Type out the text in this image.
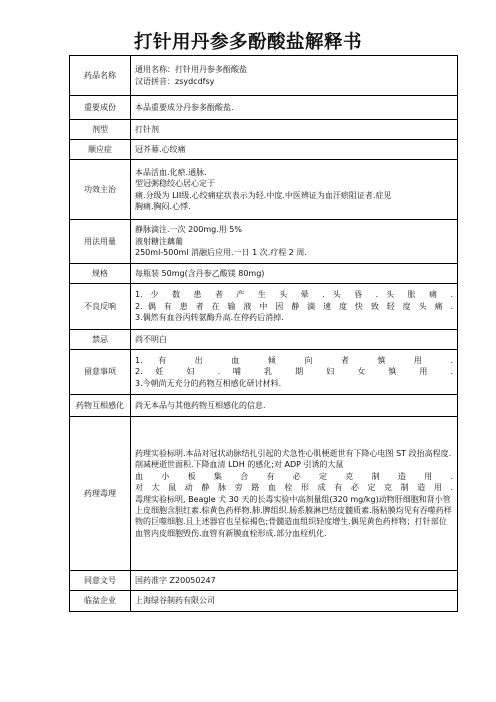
打针用丹参多酚酸盐解释书
药品名称	通用名称：打针用丹参多酚酸盐
汉语拼音：zsydcdfsy

重要成份	本品重要成分丹参多酚酸盐.

剂型	打针剂

顺应症	冠芥幕.心绞痛

功效主治	本品活血.化瘀.通脉.
型冠粥稳绞心居心定于
痛.分级为 LII级.心绞痛症状表示为轻.中度.中医辨证为血汗瘀阻证者.症见
胸痛.胸闷.心悸.

用法用量	静脉滴注.一次 200mg.用 5%
液射糖注藕葡
250ml-500ml 消融后应用.一日 1 次.疗程 2 周.

规格	每瓶装 50mg(含丹参乙酸镁 80mg)

不良反响	1. 少 数 患 者 产 生 头 晕 . 头 昏 . 头 胀 痛 .
2. 偶 有 患 者 在 输 液 中 因 静 滴 速 度 快 致 轻 度 头 痛 .
3.偶然有血谷丙转氨酶升高.在停药后消掉.

禁忌	尚不明白

留意事项	1. 有 出 血 倾 向 者 慎 用 .
2. 妊 妇 . 哺 乳 期 妇 女 慎 用 .
3.今朝尚无充分的药物互相感化研讨材料.

药物互相感化	尚无本品与其他药物互相感化的信息.

药理毒理	药理实验标明.本品对冠状动脉结扎引起的犬急性心肌梗逝世有下降心电图 ST 段抬高程度.削减梗逝世面积.下降血清 LDH 的感化;对 ADP 引诱的大鼠
血 小 板 集 合 有 必 定 克 制 造 用 .
对 大 鼠 动 静 脉 旁 路 血 栓 形 成 有 必 定 克 制 造 用 .
毒理实验标明, Beagle 犬 30 天的长毒实验中高剂量组(320 mg/kg)动物肝细胞和肾小管上皮细胞含胆红素.棕黄色药样物.肺.脾组织.肠系膜淋巴结皮髓质素.肠粘膜均见有吞噬药样物的巨噬细胞.且上述器官也呈棕褐色;骨髓造血组织轻度增生.偶见黄色药样物；打针部位血管内皮细胞毁伤.血管有新膜血栓形成.部分血栓机化.

同意文号	国药准字 Z20050247

临盆企业	上海绿谷制药有限公司
